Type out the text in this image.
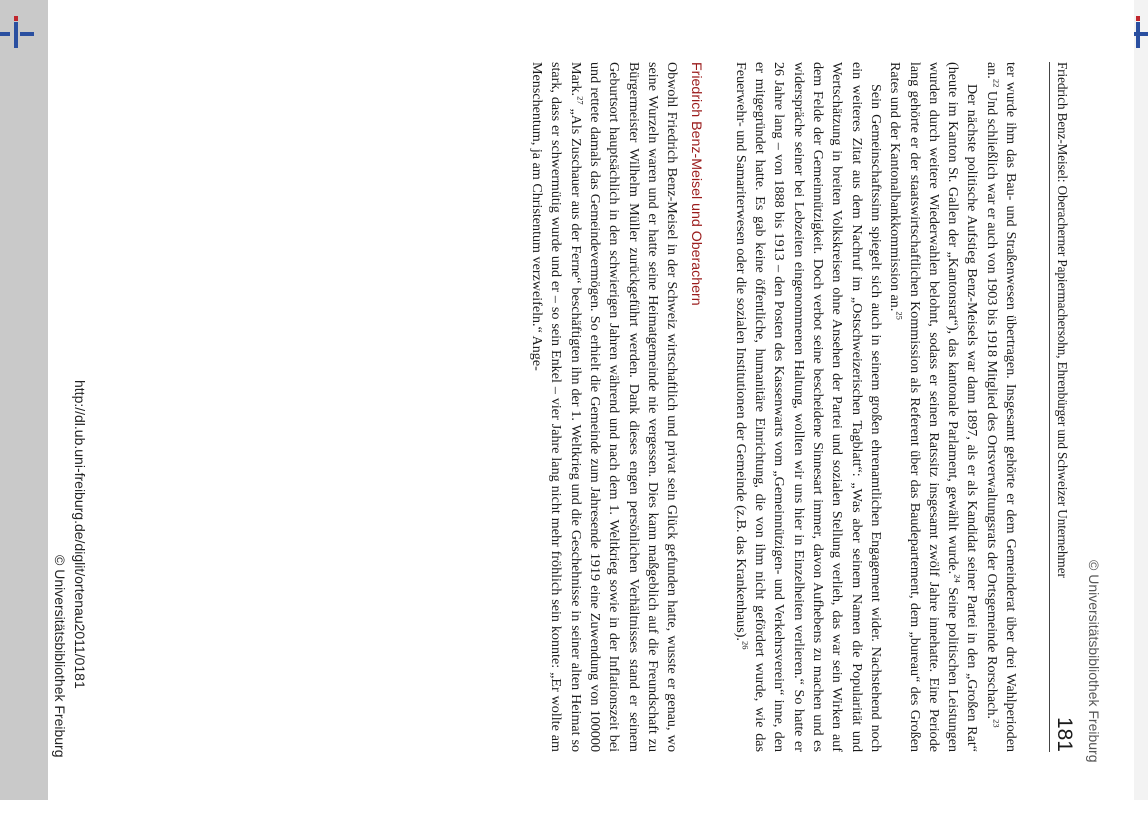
© Universitätsbibliothek Freiburg
Friedrich Benz-Meisel: Oberacherner Papiermachersohn, Ehrenbürger und Schweizer Unternehmer
181

ter wurde ihm das Bau- und Straßenwesen übertragen. Insgesamt gehörte er dem Gemeinderat über drei Wahlperioden an.$^{22}$ Und schließlich war er auch von 1903 bis 1918 Mitglied des Ortsverwaltungsrats der Ortsgemeinde Rorschach.$^{23}$

Der nächste politische Aufstieg Benz-Meisels war dann 1897, als er als Kandidat seiner Partei in den „Großen Rat“ (heute im Kanton St. Gallen der „Kantonsrat“), das kantonale Parlament, gewählt wurde.$^{24}$ Seine politischen Leistungen wurden durch weitere Wiederwahlen belohnt, sodass er seinen Ratssitz insgesamt zwölf Jahre innehatte. Eine Periode lang gehörte er der staatswirtschaftlichen Kommission als Referent über das Baudepartement, dem „bureau“ des Großen Rates und der Kantonalbankkommission an.$^{25}$

Sein Gemeinschaftssinn spiegelt sich auch in seinem großen ehrenamtlichen Engagement wider. Nachstehend noch ein weiteres Zitat aus dem Nachruf im „Ostschweizerischen Tagblatt“: „Was aber seinem Namen die Popularität und Wertschätzung in breiten Volkskreisen ohne Ansehen der Partei und sozialen Stellung verlieh, das war sein Wirken auf dem Felde der Gemeinnützigkeit. Doch verbot seine bescheidene Sinnesart immer, davon Aufhebens zu machen und es widerspräche seiner bei Lebzeiten eingenommenen Haltung, wollten wir uns hier in Einzelheiten verlieren.“ So hatte er 26 Jahre lang – von 1888 bis 1913 – den Posten des Kassenwarts vom „Gemeinnützigen- und Verkehrsverein“ inne, den er mitgegründet hatte. Es gab keine öffentliche, humanitäre Einrichtung, die von ihm nicht gefördert wurde, wie das Feuerwehr- und Samariterwesen oder die sozialen Institutionen der Gemeinde (z.B. das Krankenhaus).$^{26}$

Friedrich Benz-Meisel und Oberachern

Obwohl Friedrich Benz-Meisel in der Schweiz wirtschaftlich und privat sein Glück gefunden hatte, wusste er genau, wo seine Wurzeln waren und er hatte seine Heimatgemeinde nie vergessen. Dies kann maßgeblich auf die Freundschaft zu Bürgermeister Wilhelm Müller zurückgeführt werden. Dank dieses engen persönlichen Verhältnisses stand er seinem Geburtsort hauptsächlich in den schwierigen Jahren während und nach dem 1. Weltkrieg sowie in der Inflationszeit bei und rettete damals das Gemeindevermögen. So erhielt die Gemeinde zum Jahresende 1919 eine Zuwendung von 100000 Mark.$^{27}$ „Als Zuschauer aus der Ferne“ beschäftigten ihn der 1. Weltkrieg und die Geschehnisse in seiner alten Heimat so stark, dass er schwermütig wurde und er – so sein Enkel – vier Jahre lang nicht mehr fröhlich sein konnte: „Er wollte am Menschentum, ja am Christentum verzweifeln.“ Ange-

http://dl.ub.uni-freiburg.de/diglit/ortenau2011/0181
© Universitätsbibliothek Freiburg
